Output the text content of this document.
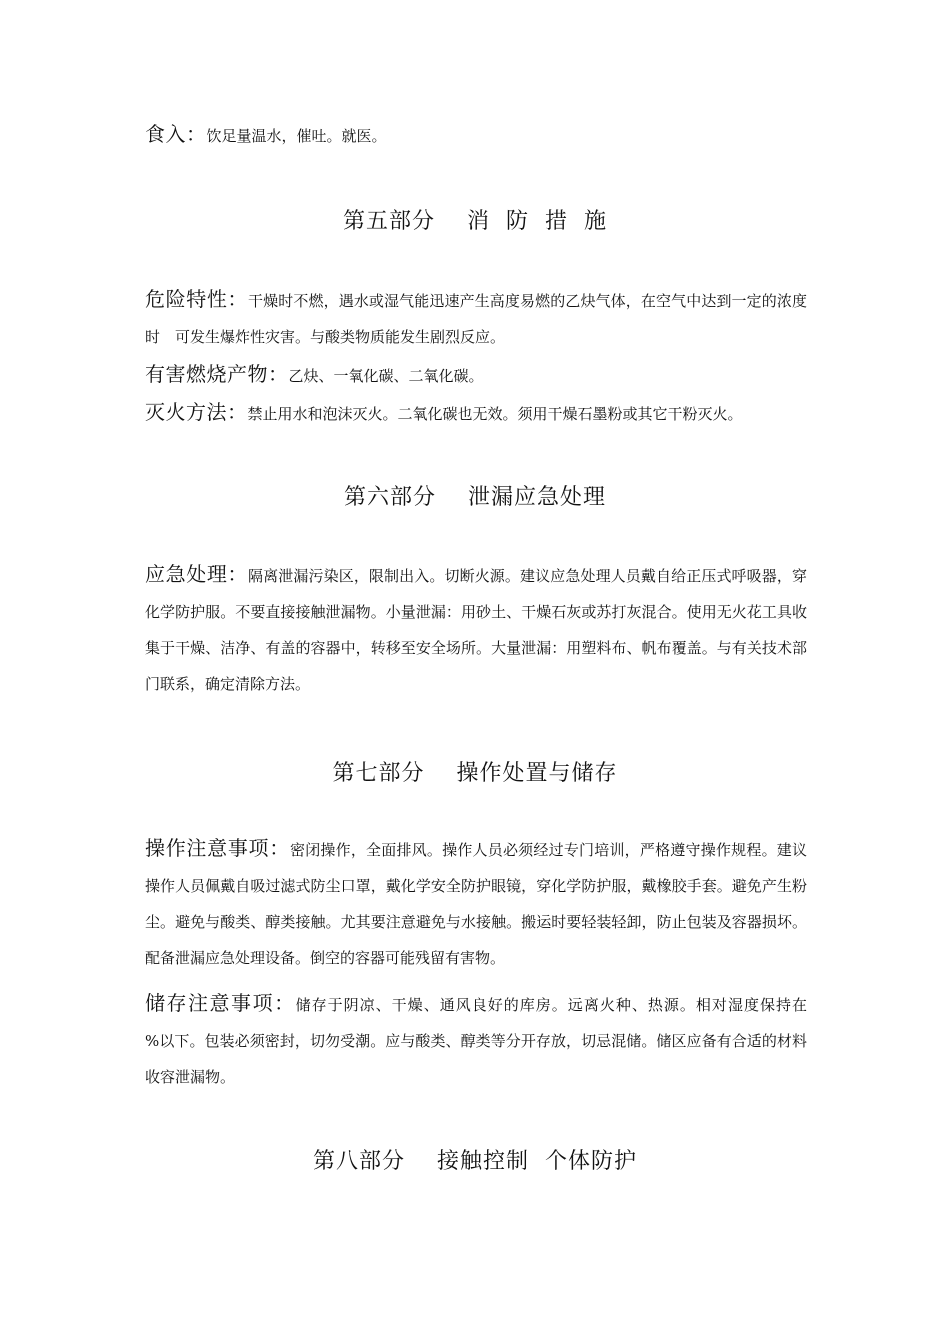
食入：饮足量温水，催吐。就医。

第五部分    消  防  措  施

危险特性：干燥时不燃，遇水或湿气能迅速产生高度易燃的乙炔气体，在空气中达到一定的浓度时　可发生爆炸性灾害。与酸类物质能发生剧烈反应。

有害燃烧产物：乙炔、一氧化碳、二氧化碳。

灭火方法：禁止用水和泡沫灭火。二氧化碳也无效。须用干燥石墨粉或其它干粉灭火。

第六部分    泄漏应急处理

应急处理：隔离泄漏污染区，限制出入。切断火源。建议应急处理人员戴自给正压式呼吸器，穿化学防护服。不要直接接触泄漏物。小量泄漏：用砂土、干燥石灰或苏打灰混合。使用无火花工具收集于干燥、洁净、有盖的容器中，转移至安全场所。大量泄漏：用塑料布、帆布覆盖。与有关技术部门联系，确定清除方法。

第七部分    操作处置与储存

操作注意事项：密闭操作，全面排风。操作人员必须经过专门培训，严格遵守操作规程。建议操作人员佩戴自吸过滤式防尘口罩，戴化学安全防护眼镜，穿化学防护服，戴橡胶手套。避免产生粉尘。避免与酸类、醇类接触。尤其要注意避免与水接触。搬运时要轻装轻卸，防止包装及容器损坏。配备泄漏应急处理设备。倒空的容器可能残留有害物。

储存注意事项：储存于阴凉、干燥、通风良好的库房。远离火种、热源。相对湿度保持在　　%以下。包装必须密封，切勿受潮。应与酸类、醇类等分开存放，切忌混储。储区应备有合适的材料收容泄漏物。

第八部分    接触控制  个体防护
